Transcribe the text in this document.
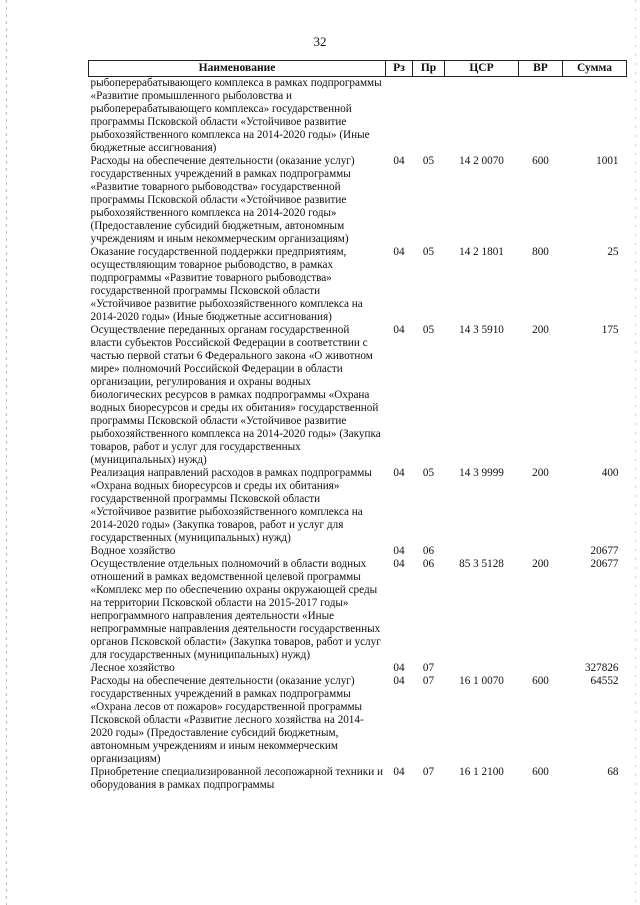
32
Наименование	Рз	Пр	ЦСР	ВР	Сумма
рыбоперерабатывающего комплекса в рамках подпрограммы «Развитие промышленного рыболовства и рыбоперерабатывающего комплекса» государственной программы Псковской области «Устойчивое развитие рыбохозяйственного комплекса на 2014-2020 годы» (Иные бюджетные ассигнования)					
Расходы на обеспечение деятельности (оказание услуг) государственных учреждений в рамках подпрограммы «Развитие товарного рыбоводства» государственной программы Псковской области «Устойчивое развитие рыбохозяйственного комплекса на 2014-2020 годы» (Предоставление субсидий бюджетным, автономным учреждениям и иным некоммерческим организациям)	04	05	14 2 0070	600	1001
Оказание государственной поддержки предприятиям, осуществляющим товарное рыбоводство, в рамках подпрограммы «Развитие товарного рыбоводства» государственной программы Псковской области «Устойчивое развитие рыбохозяйственного комплекса на 2014-2020 годы» (Иные бюджетные ассигнования)	04	05	14 2 1801	800	25
Осуществление переданных органам государственной власти субъектов Российской Федерации в соответствии с частью первой статьи 6 Федерального закона «О животном мире» полномочий Российской Федерации в области организации, регулирования и охраны водных биологических ресурсов в рамках подпрограммы «Охрана водных биоресурсов и среды их обитания» государственной программы Псковской области «Устойчивое развитие рыбохозяйственного комплекса на 2014-2020 годы» (Закупка товаров, работ и услуг для государственных (муниципальных) нужд)	04	05	14 3 5910	200	175
Реализация направлений расходов в рамках подпрограммы «Охрана водных биоресурсов и среды их обитания» государственной программы Псковской области «Устойчивое развитие рыбохозяйственного комплекса на 2014-2020 годы» (Закупка товаров, работ и услуг для государственных (муниципальных) нужд)	04	05	14 3 9999	200	400
Водное хозяйство	04	06			20677
Осуществление отдельных полномочий в области водных отношений в рамках ведомственной целевой программы «Комплекс мер по обеспечению охраны окружающей среды на территории Псковской области на 2015-2017 годы» непрограммного направления деятельности «Иные непрограммные направления деятельности государственных органов Псковской области» (Закупка товаров, работ и услуг для государственных (муниципальных) нужд)	04	06	85 3 5128	200	20677
Лесное хозяйство	04	07			327826
Расходы на обеспечение деятельности (оказание услуг) государственных учреждений в рамках подпрограммы «Охрана лесов от пожаров» государственной программы Псковской области «Развитие лесного хозяйства на 2014-2020 годы» (Предоставление субсидий бюджетным, автономным учреждениям и иным некоммерческим организациям)	04	07	16 1 0070	600	64552
Приобретение специализированной лесопожарной техники и оборудования в рамках подпрограммы	04	07	16 1 2100	600	68
